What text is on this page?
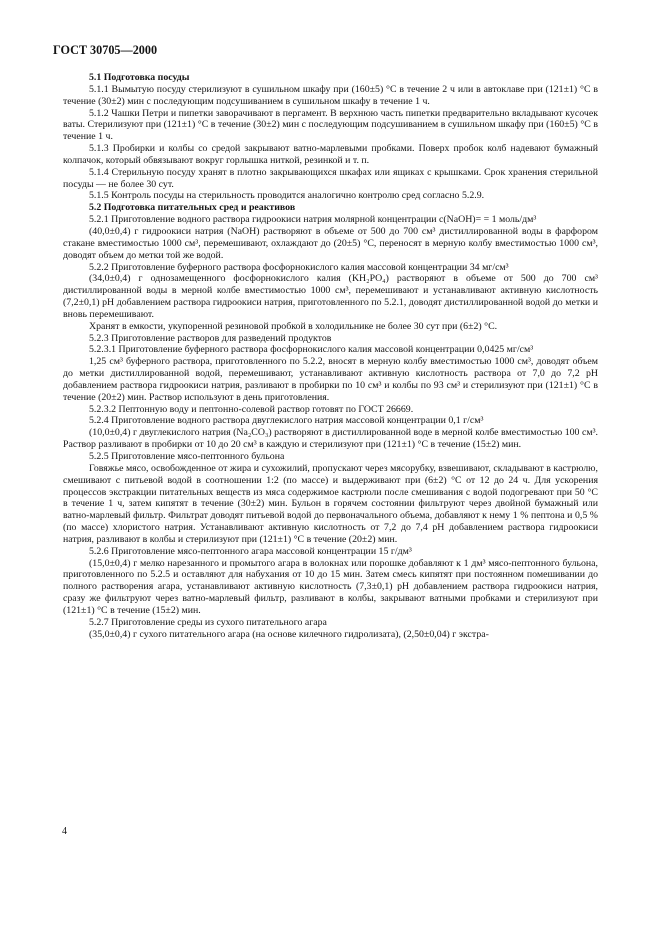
ГОСТ 30705—2000

5.1 Подготовка посуды

5.1.1 Вымытую посуду стерилизуют в сушильном шкафу при (160±5) °С в течение 2 ч или в автоклаве при (121±1) °С в течение (30±2) мин с последующим подсушиванием в сушильном шкафу в течение 1 ч.

5.1.2 Чашки Петри и пипетки заворачивают в пергамент. В верхнюю часть пипетки предварительно вкладывают кусочек ваты. Стерилизуют при (121±1) °С в течение (30±2) мин с последующим подсушиванием в сушильном шкафу при (160±5) °С в течение 1 ч.

5.1.3 Пробирки и колбы со средой закрывают ватно-марлевыми пробками. Поверх пробок колб надевают бумажный колпачок, который обвязывают вокруг горлышка ниткой, резинкой и т. п.

5.1.4 Стерильную посуду хранят в плотно закрывающихся шкафах или ящиках с крышками. Срок хранения стерильной посуды — не более 30 сут.

5.1.5 Контроль посуды на стерильность проводится аналогично контролю сред согласно 5.2.9.

5.2 Подготовка питательных сред и реактивов

5.2.1 Приготовление водного раствора гидроокиси натрия молярной концентрации с(NaOH)= = 1 моль/дм³

(40,0±0,4) г гидроокиси натрия (NaOH) растворяют в объеме от 500 до 700 см³ дистиллированной воды в фарфором стакане вместимостью 1000 см³, перемешивают, охлаждают до (20±5) °С, переносят в мерную колбу вместимостью 1000 см³, доводят объем до метки той же водой.

5.2.2 Приготовление буферного раствора фосфорнокислого калия массовой концентрации 34 мг/см³

(34,0±0,4) г однозамещенного фосфорнокислого калия (KH₂PO₄) растворяют в объеме от 500 до 700 см³ дистиллированной воды в мерной колбе вместимостью 1000 см³, перемешивают и устанавливают активную кислотность (7,2±0,1) pH добавлением раствора гидроокиси натрия, приготовленного по 5.2.1, доводят дистиллированной водой до метки и вновь перемешивают.

Хранят в емкости, укупоренной резиновой пробкой в холодильнике не более 30 сут при (6±2) °С.

5.2.3 Приготовление растворов для разведений продуктов

5.2.3.1 Приготовление буферного раствора фосфорнокислого калия массовой концентрации 0,0425 мг/см³

1,25 см³ буферного раствора, приготовленного по 5.2.2, вносят в мерную колбу вместимостью 1000 см³, доводят объем до метки дистиллированной водой, перемешивают, устанавливают активную кислотность раствора от 7,0 до 7,2 pH добавлением раствора гидроокиси натрия, разливают в пробирки по 10 см³ и колбы по 93 см³ и стерилизуют при (121±1) °С в течение (20±2) мин. Раствор используют в день приготовления.

5.2.3.2 Пептонную воду и пептонно-солевой раствор готовят по ГОСТ 26669.

5.2.4 Приготовление водного раствора двуглекислого натрия массовой концентрации 0,1 г/см³

(10,0±0,4) г двуглекислого натрия (Na₂CO₃) растворяют в дистиллированной воде в мерной колбе вместимостью 100 см³. Раствор разливают в пробирки от 10 до 20 см³ в каждую и стерилизуют при (121±1) °С в течение (15±2) мин.

5.2.5 Приготовление мясо-пептонного бульона

Говяжье мясо, освобожденное от жира и сухожилий, пропускают через мясорубку, взвешивают, складывают в кастрюлю, смешивают с питьевой водой в соотношении 1:2 (по массе) и выдерживают при (6±2) °С от 12 до 24 ч. Для ускорения процессов экстракции питательных веществ из мяса содержимое кастрюли после смешивания с водой подогревают при 50 °С в течение 1 ч, затем кипятят в течение (30±2) мин. Бульон в горячем состоянии фильтруют через двойной бумажный или ватно-марлевый фильтр. Фильтрат доводят питьевой водой до первоначального объема, добавляют к нему 1 % пептона и 0,5 % (по массе) хлористого натрия. Устанавливают активную кислотность от 7,2 до 7,4 pH добавлением раствора гидроокиси натрия, разливают в колбы и стерилизуют при (121±1) °С в течение (20±2) мин.

5.2.6 Приготовление мясо-пептонного агара массовой концентрации 15 г/дм³

(15,0±0,4) г мелко нарезанного и промытого агара в волокнах или порошке добавляют к 1 дм³ мясо-пептонного бульона, приготовленного по 5.2.5 и оставляют для набухания от 10 до 15 мин. Затем смесь кипятят при постоянном помешивании до полного растворения агара, устанавливают активную кислотность (7,3±0,1) pH добавлением раствора гидроокиси натрия, сразу же фильтруют через ватно-марлевый фильтр, разливают в колбы, закрывают ватными пробками и стерилизуют при (121±1) °С в течение (15±2) мин.

5.2.7 Приготовление среды из сухого питательного агара

(35,0±0,4) г сухого питательного агара (на основе килечного гидролизата), (2,50±0,04) г экстра-

4
